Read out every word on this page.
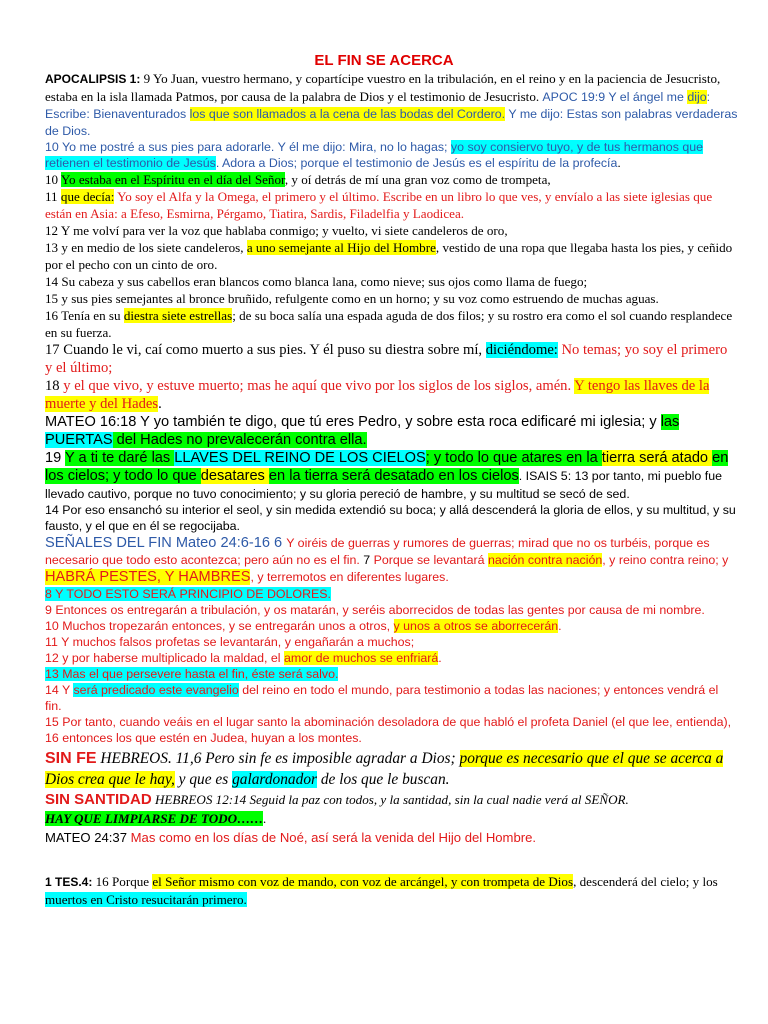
EL FIN SE ACERCA

APOCALIPSIS 1: 9 Yo Juan, vuestro hermano, y copartícipe vuestro en la tribulación, en el reino y en la paciencia de Jesucristo, estaba en la isla llamada Patmos, por causa de la palabra de Dios y el testimonio de Jesucristo. APOC 19:9 Y el ángel me dijo: Escribe: Bienaventurados los que son llamados a la cena de las bodas del Cordero. Y me dijo: Estas son palabras verdaderas de Dios.

10 Yo me postré a sus pies para adorarle. Y él me dijo: Mira, no lo hagas; yo soy consiervo tuyo, y de tus hermanos que retienen el testimonio de Jesús. Adora a Dios; porque el testimonio de Jesús es el espíritu de la profecía.

10 Yo estaba en el Espíritu en el día del Señor, y oí detrás de mí una gran voz como de trompeta,

11 que decía: Yo soy el Alfa y la Omega, el primero y el último. Escribe en un libro lo que ves, y envíalo a las siete iglesias que están en Asia: a Efeso, Esmirna, Pérgamo, Tiatira, Sardis, Filadelfia y Laodicea.

12 Y me volví para ver la voz que hablaba conmigo; y vuelto, vi siete candeleros de oro,

13 y en medio de los siete candeleros, a uno semejante al Hijo del Hombre, vestido de una ropa que llegaba hasta los pies, y ceñido por el pecho con un cinto de oro.

14 Su cabeza y sus cabellos eran blancos como blanca lana, como nieve; sus ojos como llama de fuego;

15 y sus pies semejantes al bronce bruñido, refulgente como en un horno; y su voz como estruendo de muchas aguas.

16 Tenía en su diestra siete estrellas; de su boca salía una espada aguda de dos filos; y su rostro era como el sol cuando resplandece en su fuerza.

17 Cuando le vi, caí como muerto a sus pies. Y él puso su diestra sobre mí, diciéndome: No temas; yo soy el primero y el último;

18 y el que vivo, y estuve muerto; mas he aquí que vivo por los siglos de los siglos, amén. Y tengo las llaves de la muerte y del Hades.

MATEO 16:18 Y yo también te digo, que tú eres Pedro, y sobre esta roca edificaré mi iglesia; y las PUERTAS del Hades no prevalecerán contra ella.

19 Y a ti te daré las LLAVES DEL REINO DE LOS CIELOS; y todo lo que atares en la tierra será atado en los cielos; y todo lo que desatares en la tierra será desatado en los cielos. ISAIS 5: 13 por tanto, mi pueblo fue llevado cautivo, porque no tuvo conocimiento; y su gloria pereció de hambre, y su multitud se secó de sed.

14 Por eso ensanchó su interior el seol, y sin medida extendió su boca; y allá descenderá la gloria de ellos, y su multitud, y su fausto, y el que en él se regocijaba.

SEÑALES DEL FIN Mateo 24:6-16 6 Y oiréis de guerras y rumores de guerras; mirad que no os turbéis, porque es necesario que todo esto acontezca; pero aún no es el fin. 7 Porque se levantará nación contra nación, y reino contra reino; y HABRÁ PESTES, Y HAMBRES, y terremotos en diferentes lugares.

8 Y TODO ESTO SERÁ PRINCIPIO DE DOLORES.

9 Entonces os entregarán a tribulación, y os matarán, y seréis aborrecidos de todas las gentes por causa de mi nombre.

10 Muchos tropezarán entonces, y se entregarán unos a otros, y unos a otros se aborrecerán.

11 Y muchos falsos profetas se levantarán, y engañarán a muchos;

12 y por haberse multiplicado la maldad, el amor de muchos se enfriará.

13 Mas el que persevere hasta el fin, éste será salvo.

14 Y será predicado este evangelio del reino en todo el mundo, para testimonio a todas las naciones; y entonces vendrá el fin.

15 Por tanto, cuando veáis en el lugar santo la abominación desoladora de que habló el profeta Daniel (el que lee, entienda),

16 entonces los que estén en Judea, huyan a los montes.

SIN FE HEBREOS. 11,6 Pero sin fe es imposible agradar a Dios; porque es necesario que el que se acerca a Dios crea que le hay, y que es galardonador de los que le buscan.

SIN SANTIDAD HEBREOS 12:14 Seguid la paz con todos, y la santidad, sin la cual nadie verá al SEÑOR.
HAY QUE LIMPIARSE DE TODO…….

MATEO 24:37 Mas como en los días de Noé, así será la venida del Hijo del Hombre.

1 TES.4: 16 Porque el Señor mismo con voz de mando, con voz de arcángel, y con trompeta de Dios, descenderá del cielo; y los muertos en Cristo resucitarán primero.
